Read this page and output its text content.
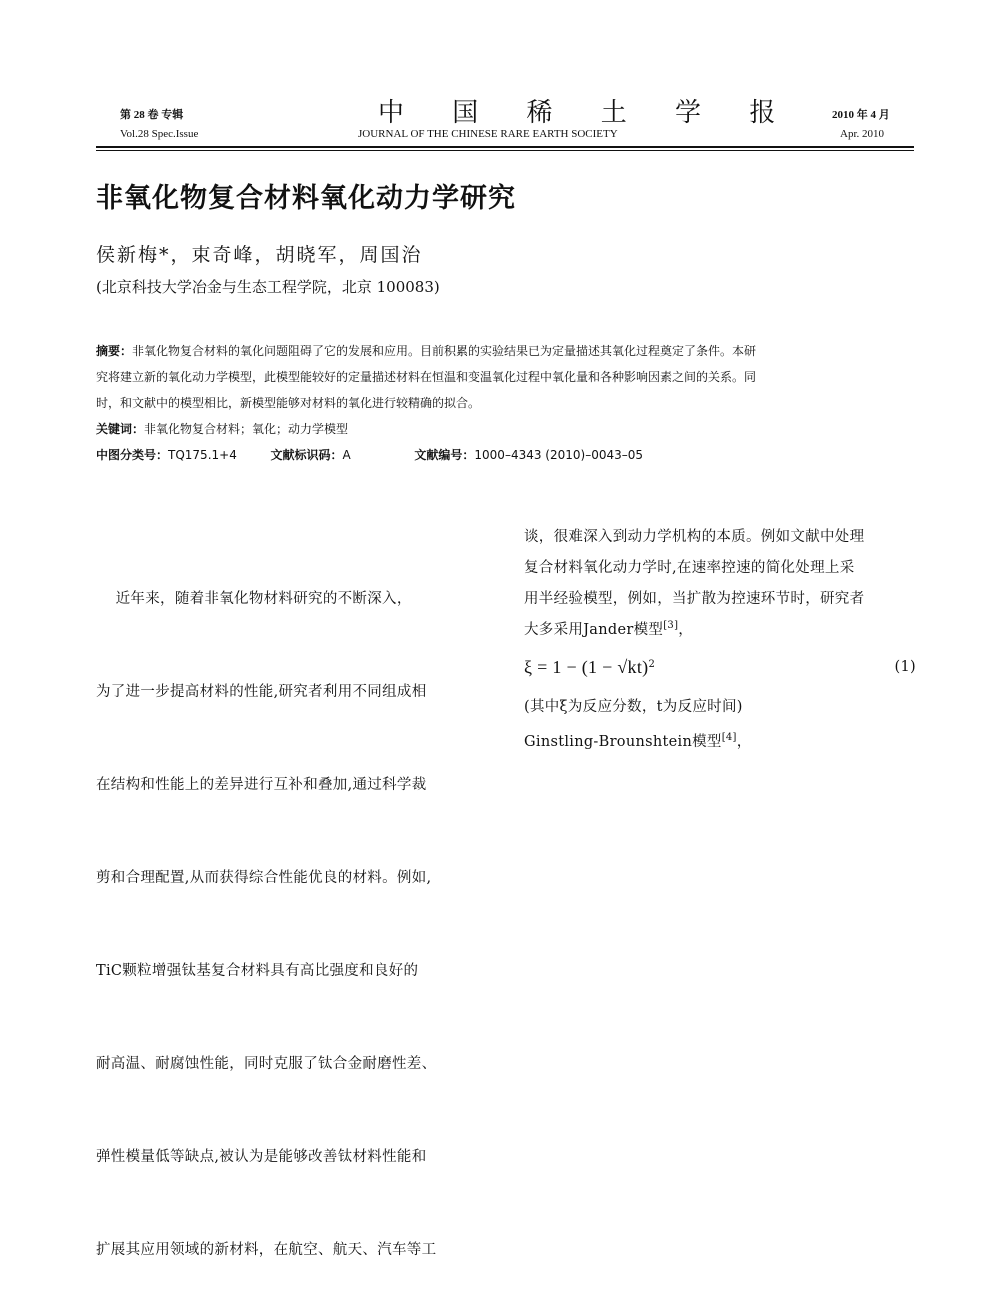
第 28 卷 专辑
Vol.28 Spec.Issue
中 国 稀 土 学 报
JOURNAL OF THE CHINESE RARE EARTH SOCIETY
2010 年 4 月
Apr. 2010
非氧化物复合材料氧化动力学研究
侯新梅*，束奇峰，胡晓军，周国治
(北京科技大学冶金与生态工程学院，北京 100083)
摘要：非氧化物复合材料的氧化问题阻碍了它的发展和应用。目前积累的实验结果已为定量描述其氧化过程奠定了条件。本研
究将建立新的氧化动力学模型，此模型能较好的定量描述材料在恒温和变温氧化过程中氧化量和各种影响因素之间的关系。同
时，和文献中的模型相比，新模型能够对材料的氧化进行较精确的拟合。
关键词：非氧化物复合材料；氧化；动力学模型
中图分类号：TQ175.1+4	文献标识码：A	文献编号：1000–4343 (2010)–0043–05

近年来，随着非氧化物材料研究的不断深入，

为了进一步提高材料的性能,研究者利用不同组成相

在结构和性能上的差异进行互补和叠加,通过科学裁

剪和合理配置,从而获得综合性能优良的材料。例如,

TiC颗粒增强钛基复合材料具有高比强度和良好的

耐高温、耐腐蚀性能，同时克服了钛合金耐磨性差、

弹性模量低等缺点,被认为是能够改善钛材料性能和

扩展其应用领域的新材料，在航空、航天、汽车等工

谈，很难深入到动力学机构的本质。例如文献中处理
复合材料氧化动力学时,在速率控速的简化处理上采
用半经验模型，例如，当扩散为控速环节时，研究者
大多采用Jander模型[3]，
$\xi = 1 - (1 - √kt)^2$	(1)
(其中ξ为反应分数，t为反应时间)
Ginstling-Brounshtein模型[4]，
